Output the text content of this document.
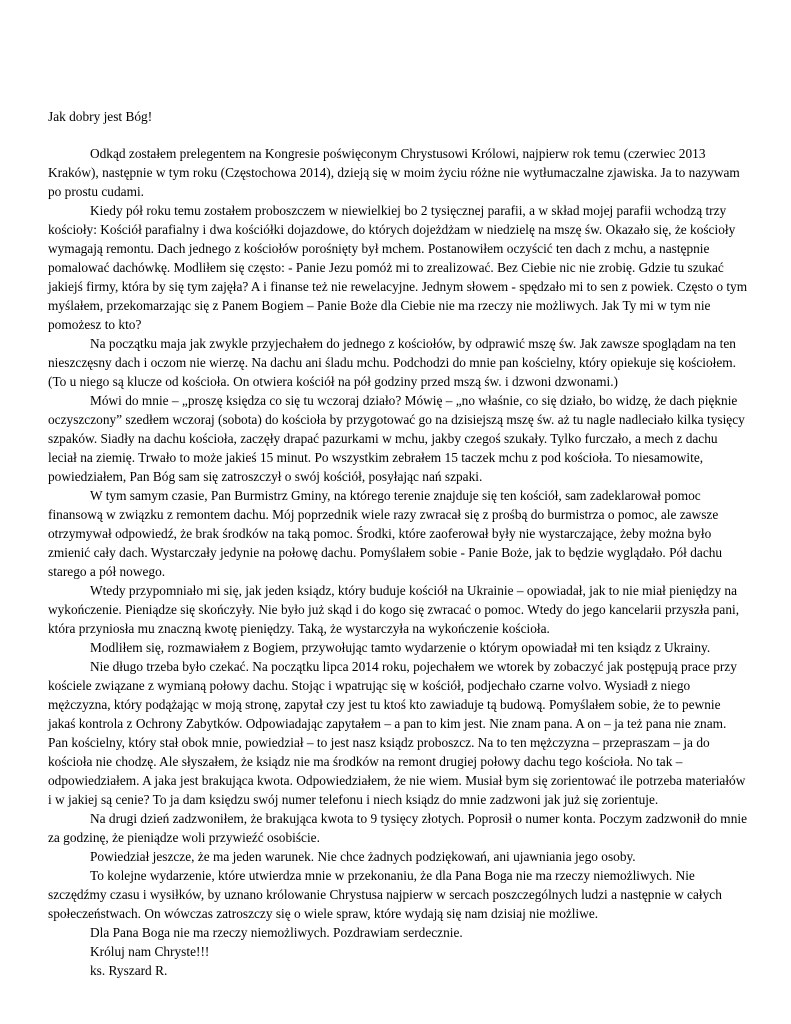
Jak dobry jest Bóg!

Odkąd zostałem prelegentem na Kongresie poświęconym Chrystusowi Królowi, najpierw rok temu (czerwiec 2013 Kraków), następnie w tym roku (Częstochowa 2014), dzieją się w moim życiu różne nie wytłumaczalne zjawiska. Ja to nazywam po prostu cudami.

Kiedy pół roku temu zostałem proboszczem w niewielkiej bo 2 tysięcznej parafii, a w skład mojej parafii wchodzą trzy kościoły: Kościół parafialny i dwa kościółki dojazdowe, do których dojeżdżam w niedzielę na mszę św. Okazało się, że kościoły wymagają remontu. Dach jednego z kościołów porośnięty był mchem. Postanowiłem oczyścić ten dach z mchu, a następnie pomalować dachówkę. Modliłem się często: - Panie Jezu pomóż mi to zrealizować. Bez Ciebie nic nie zrobię. Gdzie tu szukać jakiejś firmy, która by się tym zajęła? A i finanse też nie rewelacyjne. Jednym słowem - spędzało mi to sen z powiek. Często o tym myślałem, przekomarzając się z Panem Bogiem – Panie Boże dla Ciebie nie ma rzeczy nie możliwych. Jak Ty mi w tym nie pomożesz to kto?

Na początku maja jak zwykle przyjechałem do jednego z kościołów, by odprawić mszę św. Jak zawsze spoglądam na ten nieszczęsny dach i oczom nie wierzę. Na dachu ani śladu mchu. Podchodzi do mnie pan kościelny, który opiekuje się kościołem. (To u niego są klucze od kościoła. On otwiera kościół na pół godziny przed mszą św. i dzwoni dzwonami.)

Mówi do mnie – „proszę księdza co się tu wczoraj działo? Mówię – „no właśnie, co się działo, bo widzę, że dach pięknie oczyszczony” szedłem wczoraj (sobota) do kościoła by przygotować go na dzisiejszą mszę św. aż tu nagle nadleciało kilka tysięcy szpaków. Siadły na dachu kościoła, zaczęły drapać pazurkami w mchu, jakby czegoś szukały. Tylko furczało, a mech z dachu leciał na ziemię. Trwało to może jakieś 15 minut. Po wszystkim zebrałem 15 taczek mchu z pod kościoła. To niesamowite, powiedziałem, Pan Bóg sam się zatroszczył o swój kościół, posyłając nań szpaki.

W tym samym czasie, Pan Burmistrz Gminy, na którego terenie znajduje się ten kościół, sam zadeklarował pomoc finansową w związku z remontem dachu. Mój poprzednik wiele razy zwracał się z prośbą do burmistrza o pomoc, ale zawsze otrzymywał odpowiedź, że brak środków na taką pomoc. Środki, które zaoferował były nie wystarczające, żeby można było zmienić cały dach. Wystarczały jedynie na połowę dachu. Pomyślałem sobie - Panie Boże, jak to będzie wyglądało. Pół dachu starego a pół nowego.

Wtedy przypomniało mi się, jak jeden ksiądz, który buduje kościół na Ukrainie – opowiadał, jak to nie miał pieniędzy na wykończenie. Pieniądze się skończyły. Nie było już skąd i do kogo się zwracać o pomoc. Wtedy do jego kancelarii przyszła pani, która przyniosła mu znaczną kwotę pieniędzy. Taką, że wystarczyła na wykończenie kościoła.

Modliłem się, rozmawiałem z Bogiem, przywołując tamto wydarzenie o którym opowiadał mi ten ksiądz z Ukrainy.

Nie długo trzeba było czekać. Na początku lipca 2014 roku, pojechałem we wtorek by zobaczyć jak postępują prace przy kościele związane z wymianą połowy dachu. Stojąc i wpatrując się w kościół, podjechało czarne volvo. Wysiadł z niego mężczyzna, który podążając w moją stronę, zapytał czy jest tu ktoś kto zawiaduje tą budową. Pomyślałem sobie, że to pewnie jakaś kontrola z Ochrony Zabytków. Odpowiadając zapytałem – a pan to kim jest. Nie znam pana. A on – ja też pana nie znam. Pan kościelny, który stał obok mnie, powiedział – to jest nasz ksiądz proboszcz. Na to ten mężczyzna – przepraszam – ja do kościoła nie chodzę. Ale słyszałem, że ksiądz nie ma środków na remont drugiej połowy dachu tego kościoła. No tak – odpowiedziałem. A jaka jest brakująca kwota. Odpowiedziałem, że nie wiem. Musiał bym się zorientować ile potrzeba materiałów i w jakiej są cenie? To ja dam księdzu swój numer telefonu i niech ksiądz do mnie zadzwoni jak już się zorientuje.

Na drugi dzień zadzwoniłem, że brakująca kwota to 9 tysięcy złotych. Poprosił o numer konta. Poczym zadzwonił do mnie za godzinę, że pieniądze woli przywieźć osobiście.

Powiedział jeszcze, że ma jeden warunek. Nie chce żadnych podziękowań, ani ujawniania jego osoby.

To kolejne wydarzenie, które utwierdza mnie w przekonaniu, że dla Pana Boga nie ma rzeczy niemożliwych. Nie szczędźmy czasu i wysiłków, by uznano królowanie Chrystusa najpierw w sercach poszczególnych ludzi a następnie w całych społeczeństwach. On wówczas zatroszczy się o wiele spraw, które wydają się nam dzisiaj nie możliwe.

Dla Pana Boga nie ma rzeczy niemożliwych. Pozdrawiam serdecznie.
Króluj nam Chryste!!!
ks. Ryszard R.
